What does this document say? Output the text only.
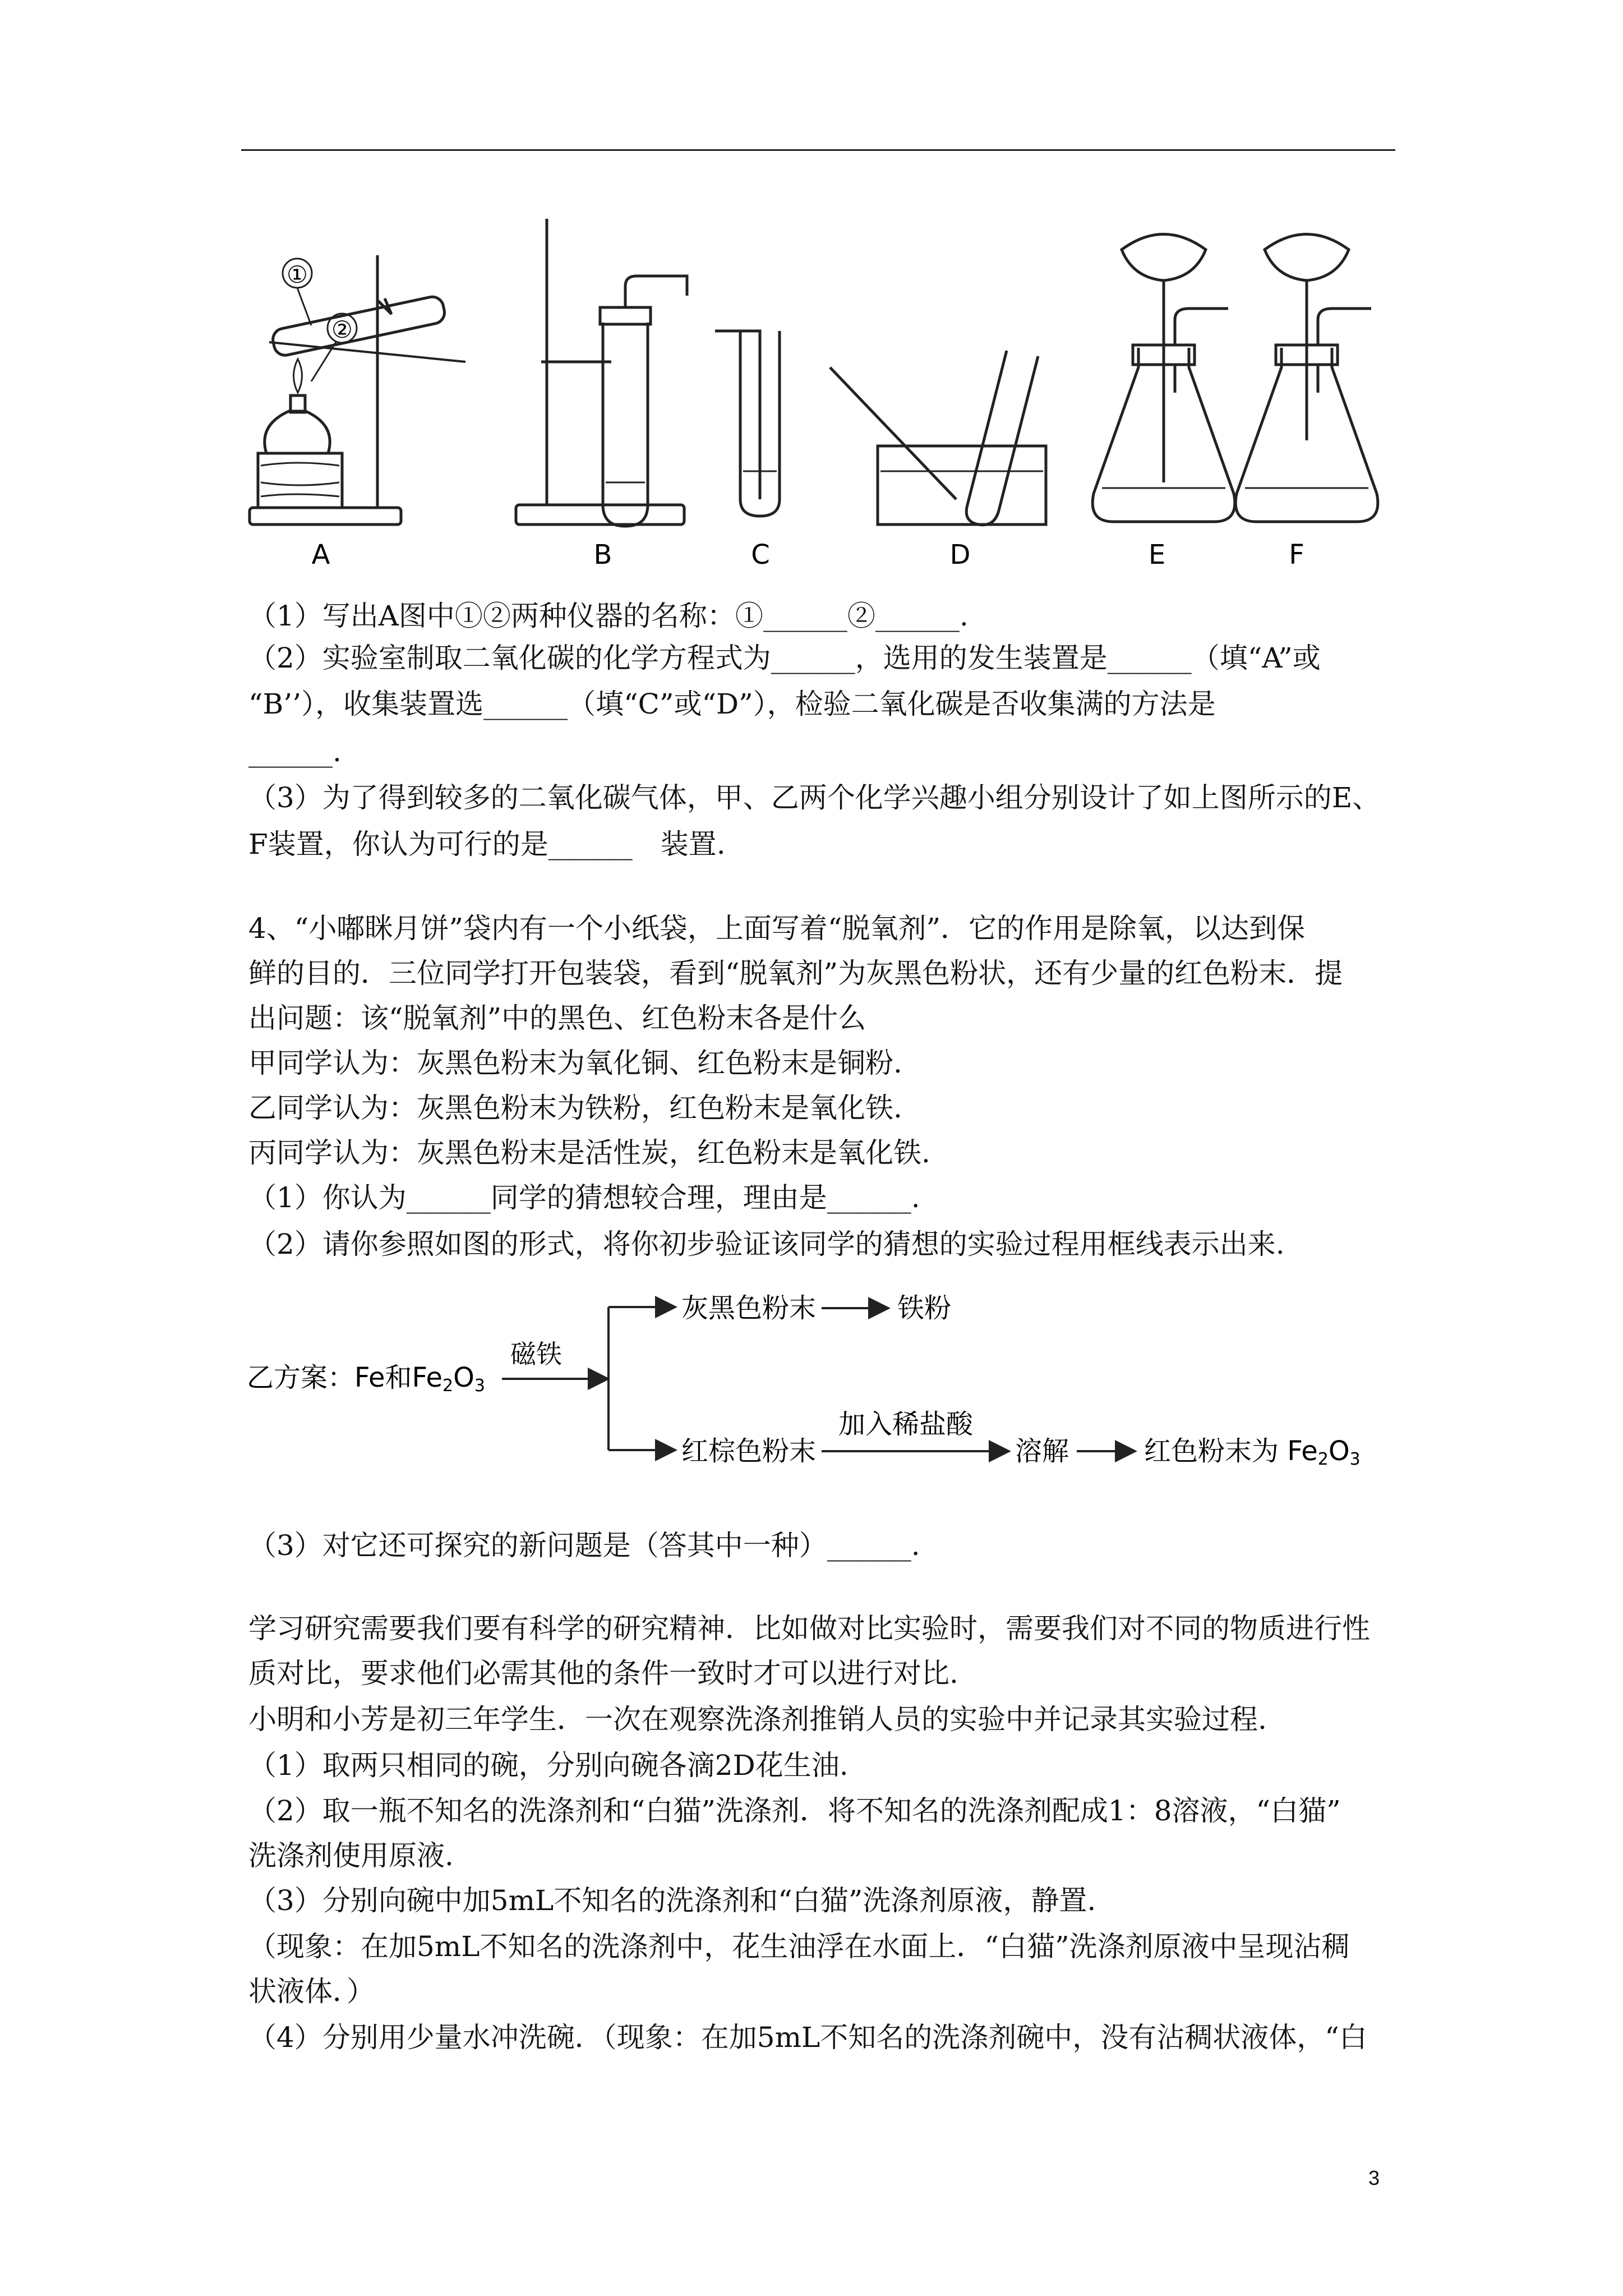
①
②
A	B	C	D	E	F
（1）写出A图中①②两种仪器的名称：①______②______.
（2）实验室制取二氧化碳的化学方程式为______，选用的发生装置是______（填“A”或
“B’’），收集装置选______（填“C”或“D”），检验二氧化碳是否收集满的方法是
______.
（3）为了得到较多的二氧化碳气体，甲、乙两个化学兴趣小组分别设计了如上图所示的E、
F装置，你认为可行的是______　装置.
4、“小嘟眯月饼”袋内有一个小纸袋，上面写着“脱氧剂”．它的作用是除氧，以达到保
鲜的目的．三位同学打开包装袋，看到“脱氧剂”为灰黑色粉状，还有少量的红色粉末．提
出问题：该“脱氧剂”中的黑色、红色粉末各是什么
甲同学认为：灰黑色粉末为氧化铜、红色粉末是铜粉.
乙同学认为：灰黑色粉末为铁粉，红色粉末是氧化铁.
丙同学认为：灰黑色粉末是活性炭，红色粉末是氧化铁.
（1）你认为______同学的猜想较合理，理由是______.
（2）请你参照如图的形式，将你初步验证该同学的猜想的实验过程用框线表示出来.
乙方案：Fe和Fe2O3
磁铁
灰黑色粉末	铁粉
红棕色粉末
加入稀盐酸
溶解	红色粉末为 Fe2O3
（3）对它还可探究的新问题是（答其中一种）______.
学习研究需要我们要有科学的研究精神．比如做对比实验时，需要我们对不同的物质进行性
质对比，要求他们必需其他的条件一致时才可以进行对比.
小明和小芳是初三年学生．一次在观察洗涤剂推销人员的实验中并记录其实验过程.
（1）取两只相同的碗，分别向碗各滴2D花生油.
（2）取一瓶不知名的洗涤剂和“白猫”洗涤剂．将不知名的洗涤剂配成1：8溶液，“白猫”
洗涤剂使用原液.
（3）分别向碗中加5mL不知名的洗涤剂和“白猫”洗涤剂原液，静置.
（现象：在加5mL不知名的洗涤剂中，花生油浮在水面上．“白猫”洗涤剂原液中呈现沾稠
状液体．）
（4）分别用少量水冲洗碗．（现象：在加5mL不知名的洗涤剂碗中，没有沾稠状液体，“白
3
